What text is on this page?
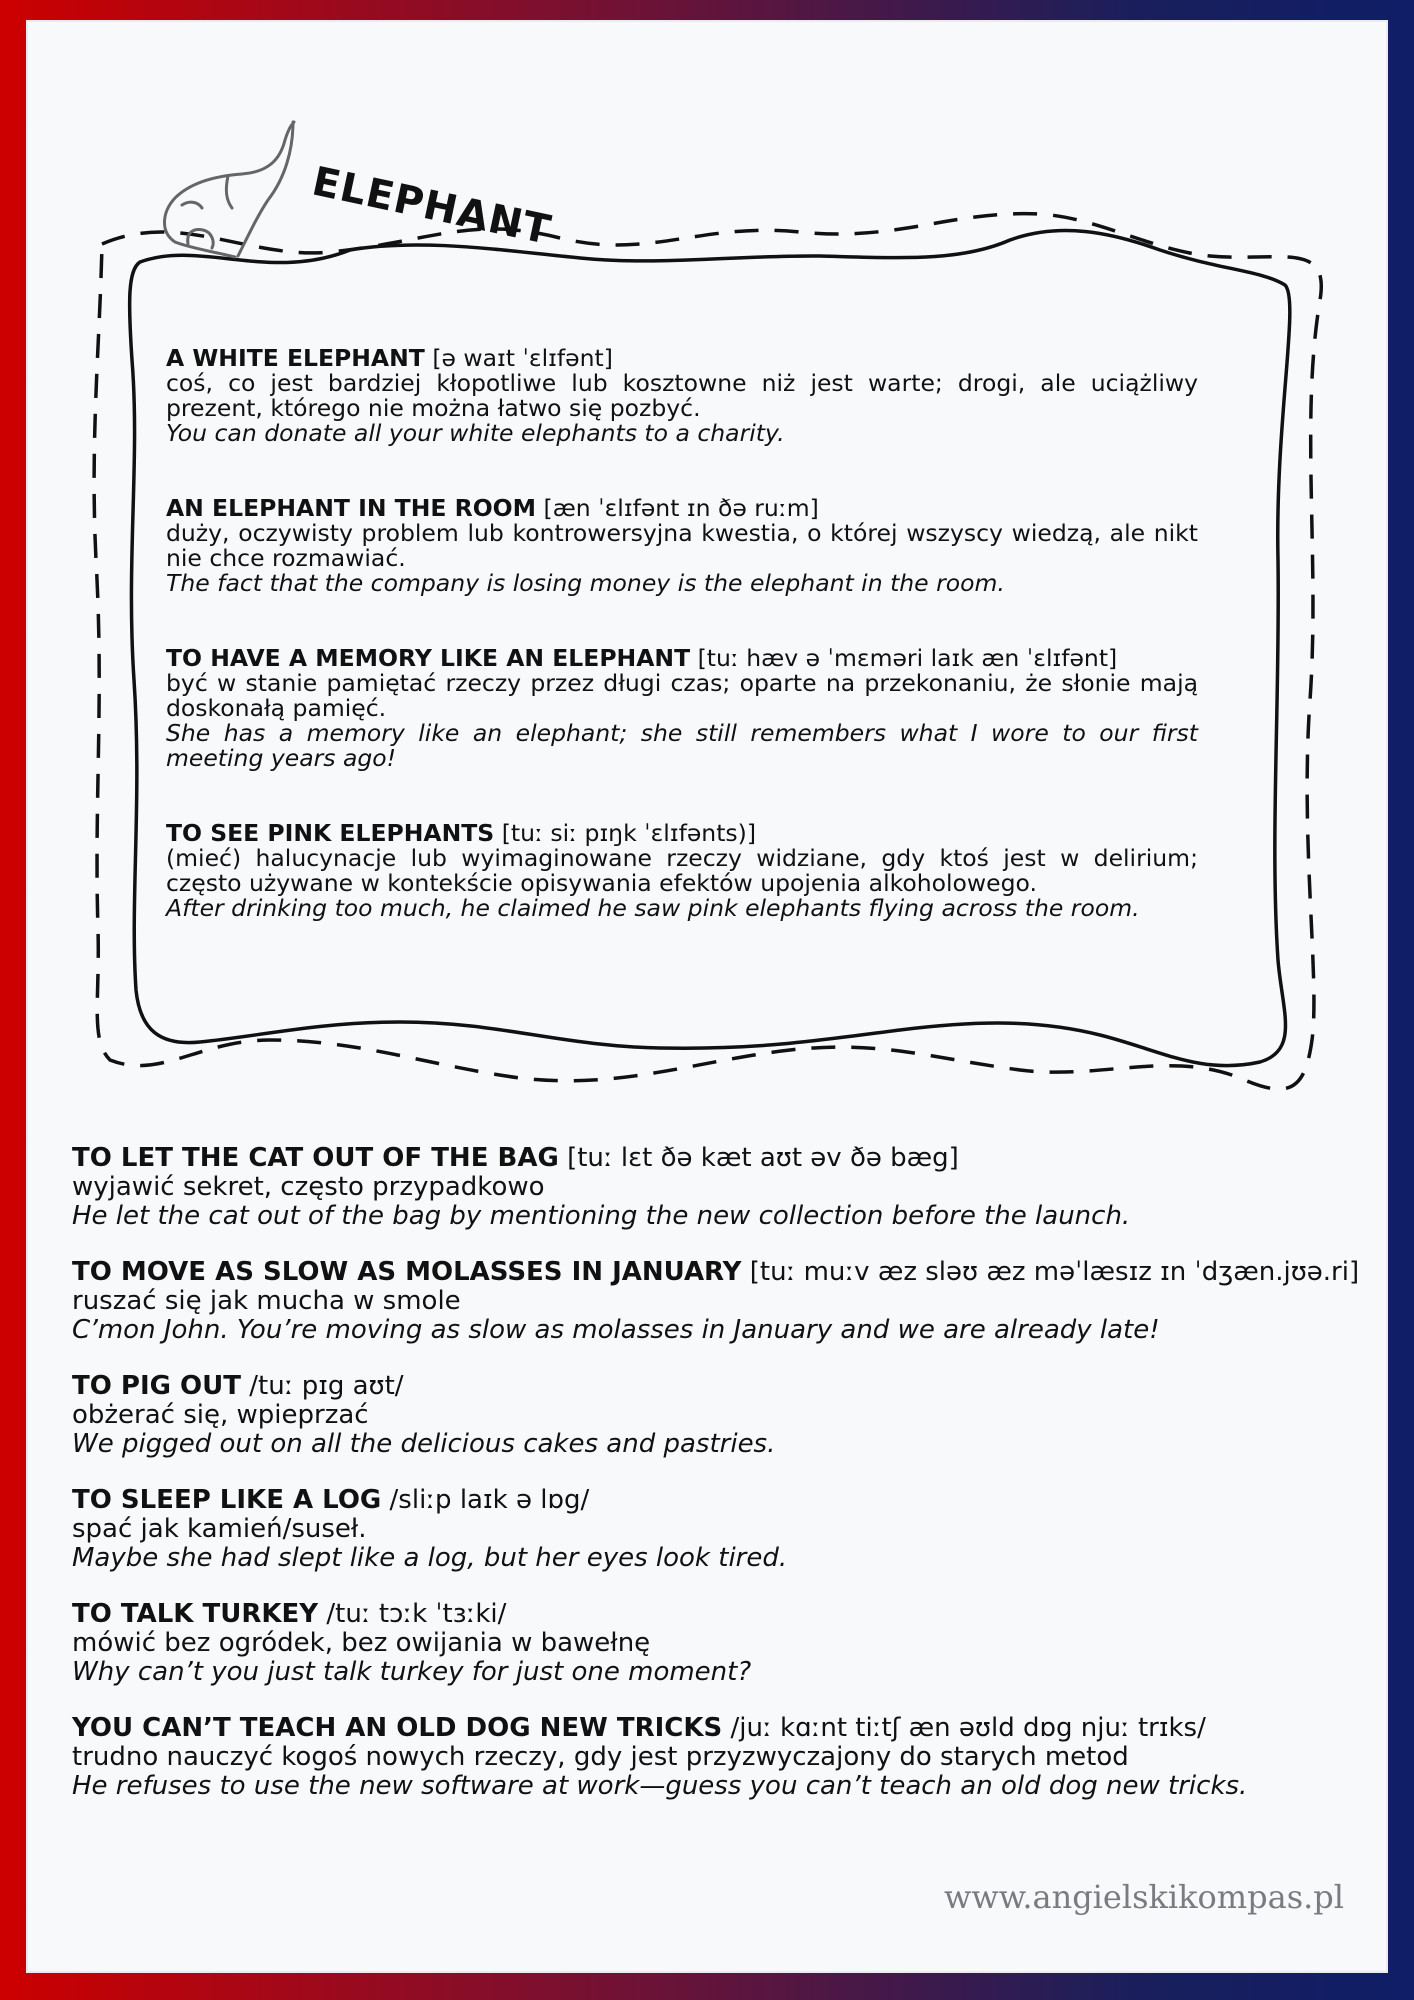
ELEPHANT
A WHITE ELEPHANT [ə waɪt ˈɛlɪfənt]
coś, co jest bardziej kłopotliwe lub kosztowne niż jest warte; drogi, ale uciążliwy prezent, którego nie można łatwo się pozbyć.
You can donate all your white elephants to a charity.
AN ELEPHANT IN THE ROOM [æn ˈɛlɪfənt ɪn ðə ruːm]
duży, oczywisty problem lub kontrowersyjna kwestia, o której wszyscy wiedzą, ale nikt nie chce rozmawiać.
The fact that the company is losing money is the elephant in the room.
TO HAVE A MEMORY LIKE AN ELEPHANT [tuː hæv ə ˈmɛməri laɪk æn ˈɛlɪfənt]
być w stanie pamiętać rzeczy przez długi czas; oparte na przekonaniu, że słonie mają doskonałą pamięć.
She has a memory like an elephant; she still remembers what I wore to our first meeting years ago!
TO SEE PINK ELEPHANTS [tuː siː pɪŋk ˈɛlɪfənts)]
(mieć) halucynacje lub wyimaginowane rzeczy widziane, gdy ktoś jest w delirium; często używane w kontekście opisywania efektów upojenia alkoholowego.
After drinking too much, he claimed he saw pink elephants flying across the room.
TO LET THE CAT OUT OF THE BAG [tuː lɛt ðə kæt aʊt əv ðə bæg]
wyjawić sekret, często przypadkowo
He let the cat out of the bag by mentioning the new collection before the launch.
TO MOVE AS SLOW AS MOLASSES IN JANUARY [tuː muːv æz sləʊ æz məˈlæsɪz ɪn ˈdʒæn.jʊə.ri]
ruszać się jak mucha w smole
C’mon John. You’re moving as slow as molasses in January and we are already late!
TO PIG OUT /tuː pɪg aʊt/
obżerać się, wpieprzać
We pigged out on all the delicious cakes and pastries.
TO SLEEP LIKE A LOG /sliːp laɪk ə lɒg/
spać jak kamień/suseł.
Maybe she had slept like a log, but her eyes look tired.
TO TALK TURKEY /tuː tɔːk ˈtɜːki/
mówić bez ogródek, bez owijania w bawełnę
Why can’t you just talk turkey for just one moment?
YOU CAN’T TEACH AN OLD DOG NEW TRICKS /juː kɑːnt tiːtʃ æn əʊld dɒg njuː trɪks/
trudno nauczyć kogoś nowych rzeczy, gdy jest przyzwyczajony do starych metod
He refuses to use the new software at work—guess you can’t teach an old dog new tricks.
www.angielskikompas.pl
